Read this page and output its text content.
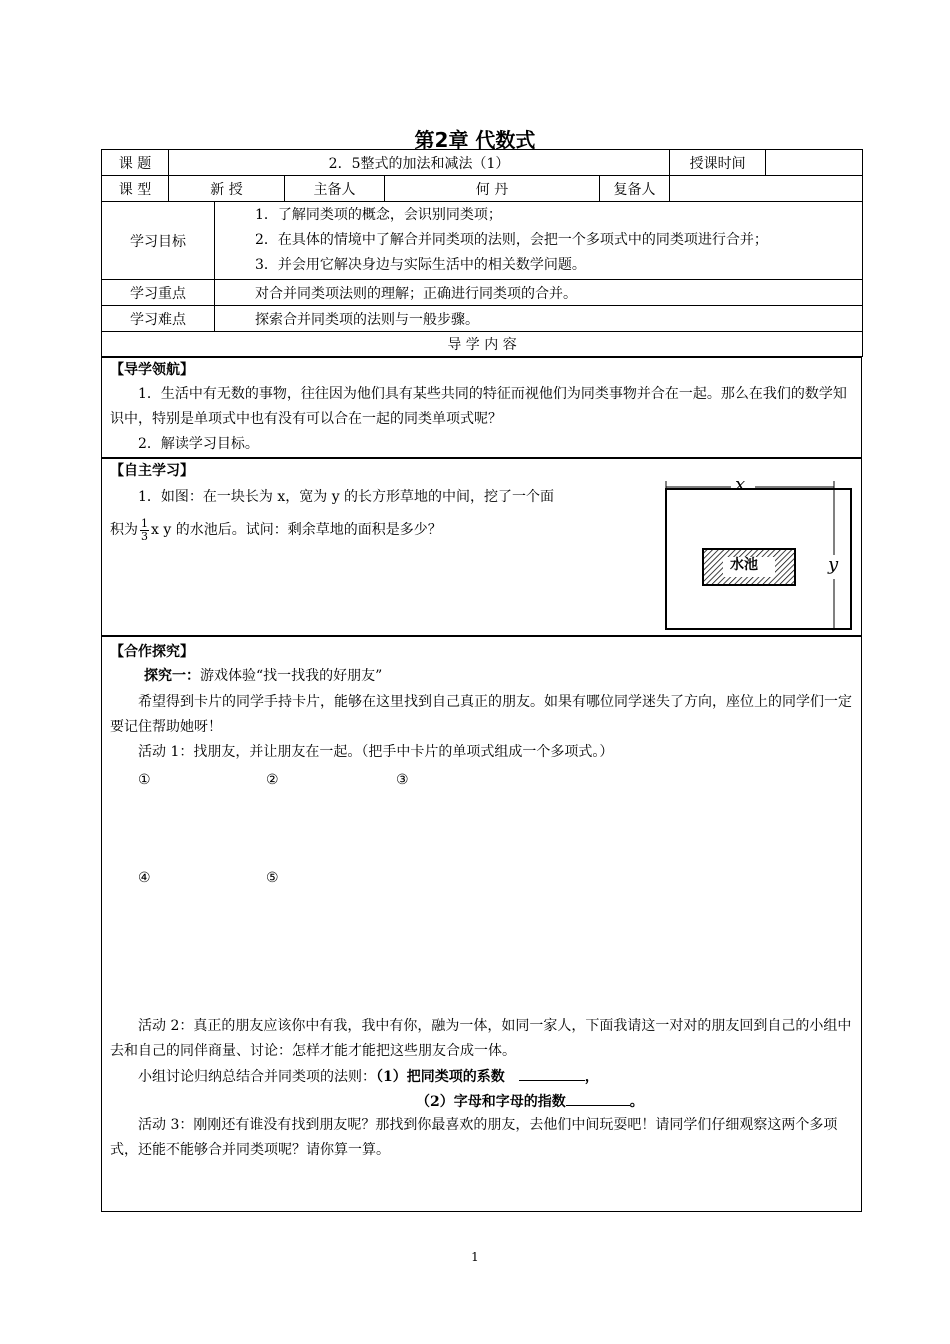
第2章 代数式
课 题	2．5整式的加法和减法（1）					授课时间	
课 型	新 授		主备人	何 丹	复备人		
学习目标		1．了解同类项的概念，会识别同类项；
2．在具体的情境中了解合并同类项的法则，会把一个多项式中的同类项进行合并；
3．并会用它解决身边与实际生活中的相关数学问题。					

学习重点		对合并同类项法则的理解；正确进行同类项的合并。					
学习难点		探索合并同类项的法则与一般步骤。					
导 学 内 容							
【导学领航】
1．生活中有无数的事物，往往因为他们具有某些共同的特征而视他们为同类事物并合在一起。那么在我们的数学知识中，特别是单项式中也有没有可以合在一起的同类单项式呢？
2．解读学习目标。
【自主学习】
1．如图：在一块长为 x，宽为 y 的长方形草地的中间，挖了一个面
积为 $\frac{1}{3}$ x y 的水池后。试问：剩余草地的面积是多少？
x
y
水池
【合作探究】
探究一：游戏体验“找一找我的好朋友”
希望得到卡片的同学手持卡片，能够在这里找到自己真正的朋友。如果有哪位同学迷失了方向，座位上的同学们一定要记住帮助她呀！
活动 1：找朋友，并让朋友在一起。（把手中卡片的单项式组成一个多项式。）
①	②	③
④	⑤
活动 2：真正的朋友应该你中有我，我中有你，融为一体，如同一家人，下面我请这一对对的朋友回到自己的小组中去和自己的同伴商量、讨论：怎样才能才能把这些朋友合成一体。
小组讨论归纳总结合并同类项的法则：（1）把同类项的系数	，
（2）字母和字母的指数	。
活动 3：刚刚还有谁没有找到朋友呢？那找到你最喜欢的朋友，去他们中间玩耍吧！请同学们仔细观察这两个多项式，还能不能够合并同类项呢？请你算一算。
1
